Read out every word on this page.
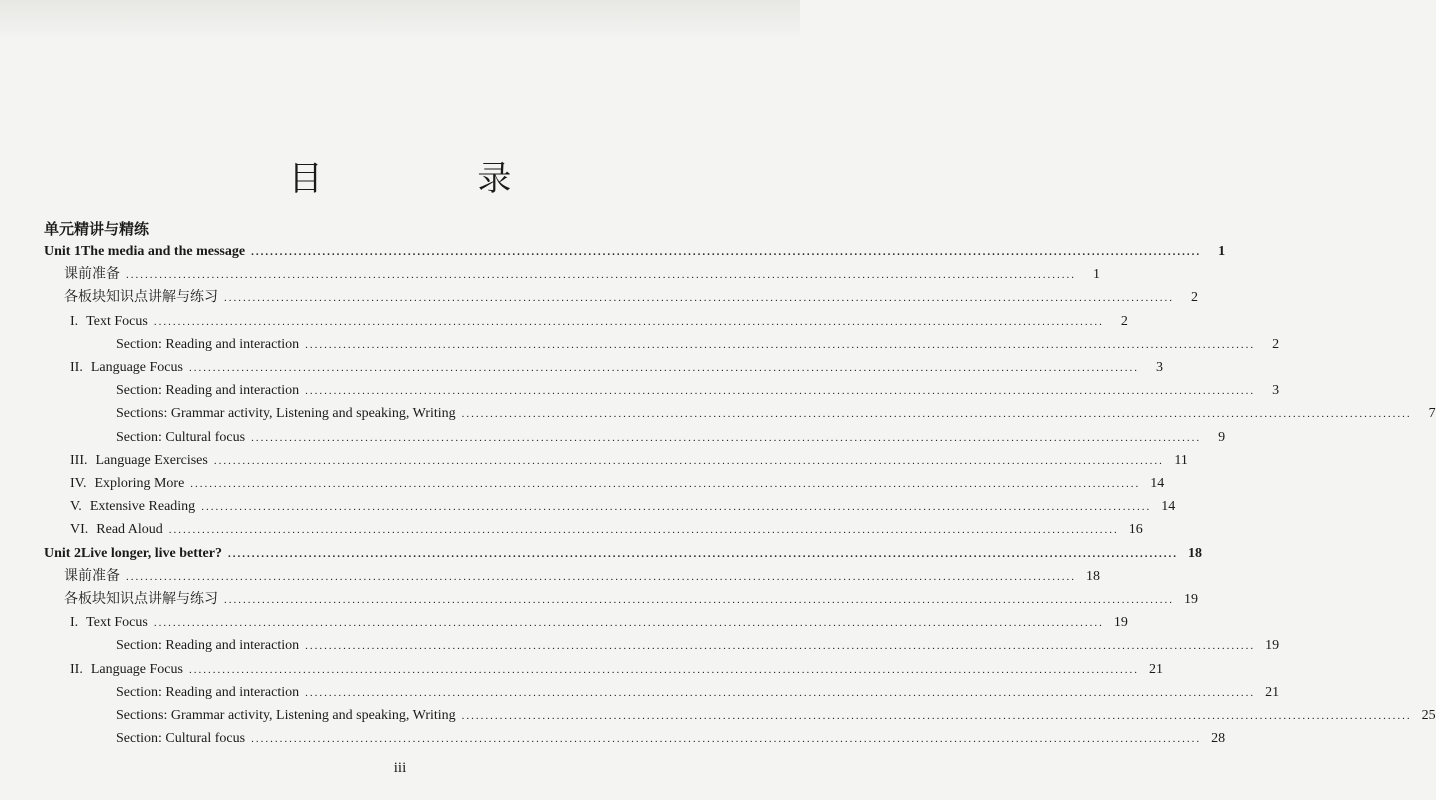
目 录
单元精讲与精练
Unit 1 The media and the message ........................................................................................................................................................................................................	1
课前准备 ........................................................................................................................................................................................................	1
各板块知识点讲解与练习 ........................................................................................................................................................................................................	2
I. Text Focus ........................................................................................................................................................................................................	2
Section: Reading and interaction ........................................................................................................................................................................................................	2
II. Language Focus ........................................................................................................................................................................................................	3
Section: Reading and interaction ........................................................................................................................................................................................................	3
Sections: Grammar activity, Listening and speaking, Writing ........................................................................................................................................................................................................	7
Section: Cultural focus ........................................................................................................................................................................................................	9
III. Language Exercises ........................................................................................................................................................................................................ 11
IV. Exploring More ........................................................................................................................................................................................................ 14
V. Extensive Reading ........................................................................................................................................................................................................ 14
VI. Read Aloud ........................................................................................................................................................................................................ 16
Unit 2 Live longer, live better? ........................................................................................................................................................................................................ 18
课前准备 ........................................................................................................................................................................................................ 18
各板块知识点讲解与练习 ........................................................................................................................................................................................................ 19
I. Text Focus ........................................................................................................................................................................................................ 19
Section: Reading and interaction ........................................................................................................................................................................................................ 19
II. Language Focus ........................................................................................................................................................................................................ 21
Section: Reading and interaction ........................................................................................................................................................................................................ 21
Sections: Grammar activity, Listening and speaking, Writing ........................................................................................................................................................................................................ 25
Section: Cultural focus ........................................................................................................................................................................................................ 28
iii
